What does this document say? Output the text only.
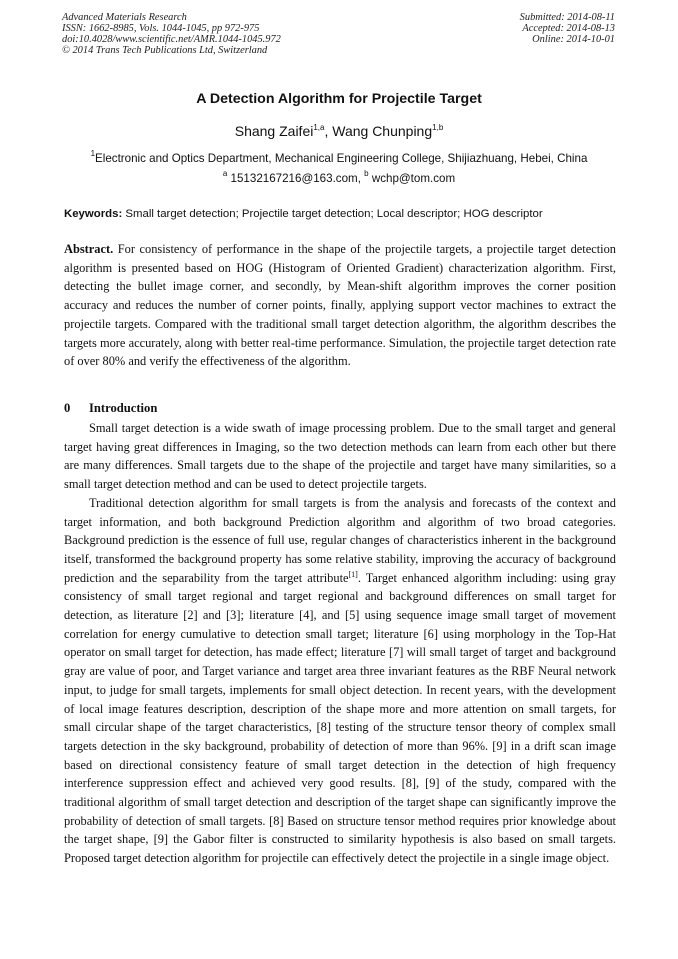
Advanced Materials Research
ISSN: 1662-8985, Vols. 1044-1045, pp 972-975
doi:10.4028/www.scientific.net/AMR.1044-1045.972
© 2014 Trans Tech Publications Ltd, Switzerland
Submitted: 2014-08-11
Accepted: 2014-08-13
Online: 2014-10-01
A Detection Algorithm for Projectile Target
Shang Zaifei$^{1,a}$, Wang Chunping$^{1,b}$
$^1$Electronic and Optics Department, Mechanical Engineering College, Shijiazhuang, Hebei, China
$^a$ 15132167216@163.com, $^b$ wchp@tom.com
Keywords: Small target detection; Projectile target detection; Local descriptor; HOG descriptor
Abstract. For consistency of performance in the shape of the projectile targets, a projectile target detection algorithm is presented based on HOG (Histogram of Oriented Gradient) characterization algorithm. First, detecting the bullet image corner, and secondly, by Mean-shift algorithm improves the corner position accuracy and reduces the number of corner points, finally, applying support vector machines to extract the projectile targets. Compared with the traditional small target detection algorithm, the algorithm describes the targets more accurately, along with better real-time performance. Simulation, the projectile target detection rate of over 80% and verify the effectiveness of the algorithm.
0 Introduction

Small target detection is a wide swath of image processing problem. Due to the small target and general target having great differences in Imaging, so the two detection methods can learn from each other but there are many differences. Small targets due to the shape of the projectile and target have many similarities, so a small target detection method and can be used to detect projectile targets.

Traditional detection algorithm for small targets is from the analysis and forecasts of the context and target information, and both background Prediction algorithm and algorithm of two broad categories. Background prediction is the essence of full use, regular changes of characteristics inherent in the background itself, transformed the background property has some relative stability, improving the accuracy of background prediction and the separability from the target attribute[1]. Target enhanced algorithm including: using gray consistency of small target regional and target regional and background differences on small target for detection, as literature [2] and [3]; literature [4], and [5] using sequence image small target of movement correlation for energy cumulative to detection small target; literature [6] using morphology in the Top-Hat operator on small target for detection, has made effect; literature [7] will small target of target and background gray are value of poor, and Target variance and target area three invariant features as the RBF Neural network input, to judge for small targets, implements for small object detection. In recent years, with the development of local image features description, description of the shape more and more attention on small targets, for small circular shape of the target characteristics, [8] testing of the structure tensor theory of complex small targets detection in the sky background, probability of detection of more than 96%. [9] in a drift scan image based on directional consistency feature of small target detection in the detection of high frequency interference suppression effect and achieved very good results. [8], [9] of the study, compared with the traditional algorithm of small target detection and description of the target shape can significantly improve the probability of detection of small targets. [8] Based on structure tensor method requires prior knowledge about the target shape, [9] the Gabor filter is constructed to similarity hypothesis is also based on small targets. Proposed target detection algorithm for projectile can effectively detect the projectile in a single image object.
